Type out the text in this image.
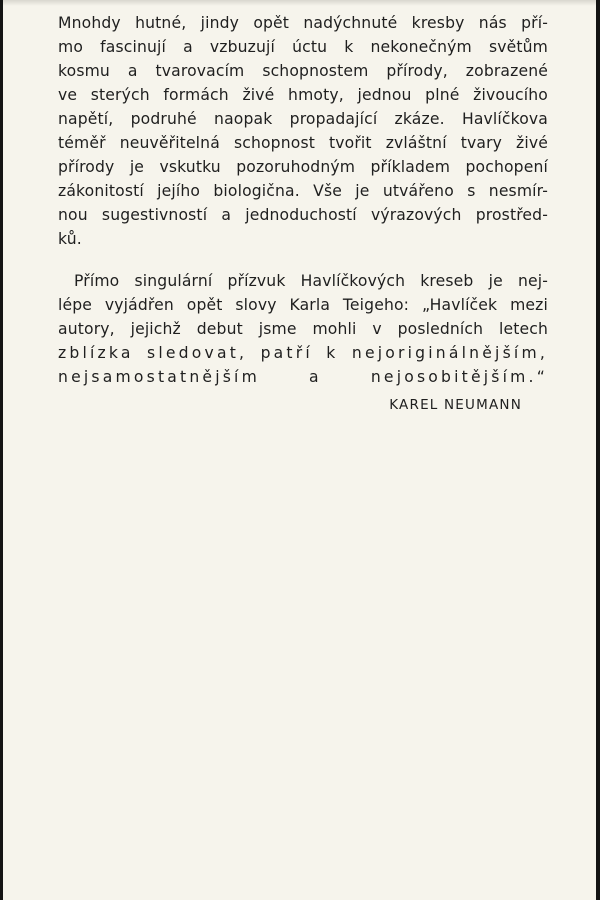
Mnohdy hutné, jindy opět nadýchnuté kresby nás pří-
mo fascinují a vzbuzují úctu k nekonečným světům
kosmu a tvarovacím schopnostem přírody, zobrazené
ve sterých formách živé hmoty, jednou plné živoucího
napětí, podruhé naopak propadající zkáze. Havlíčkova
téměř neuvěřitelná schopnost tvořit zvláštní tvary živé
přírody je vskutku pozoruhodným příkladem pochopení
zákonitostí jejího biologična. Vše je utvářeno s nesmír-
nou sugestivností a jednoduchostí výrazových prostřed-
ků.
Přímo singulární přízvuk Havlíčkových kreseb je nej-
lépe vyjádřen opět slovy Karla Teigeho: „Havlíček mezi
autory, jejichž debut jsme mohli v posledních letech
zblízka sledovat, patří k nejoriginálnějším,
nejsamostatnějším a nejosobitějším.“
KAREL NEUMANN
